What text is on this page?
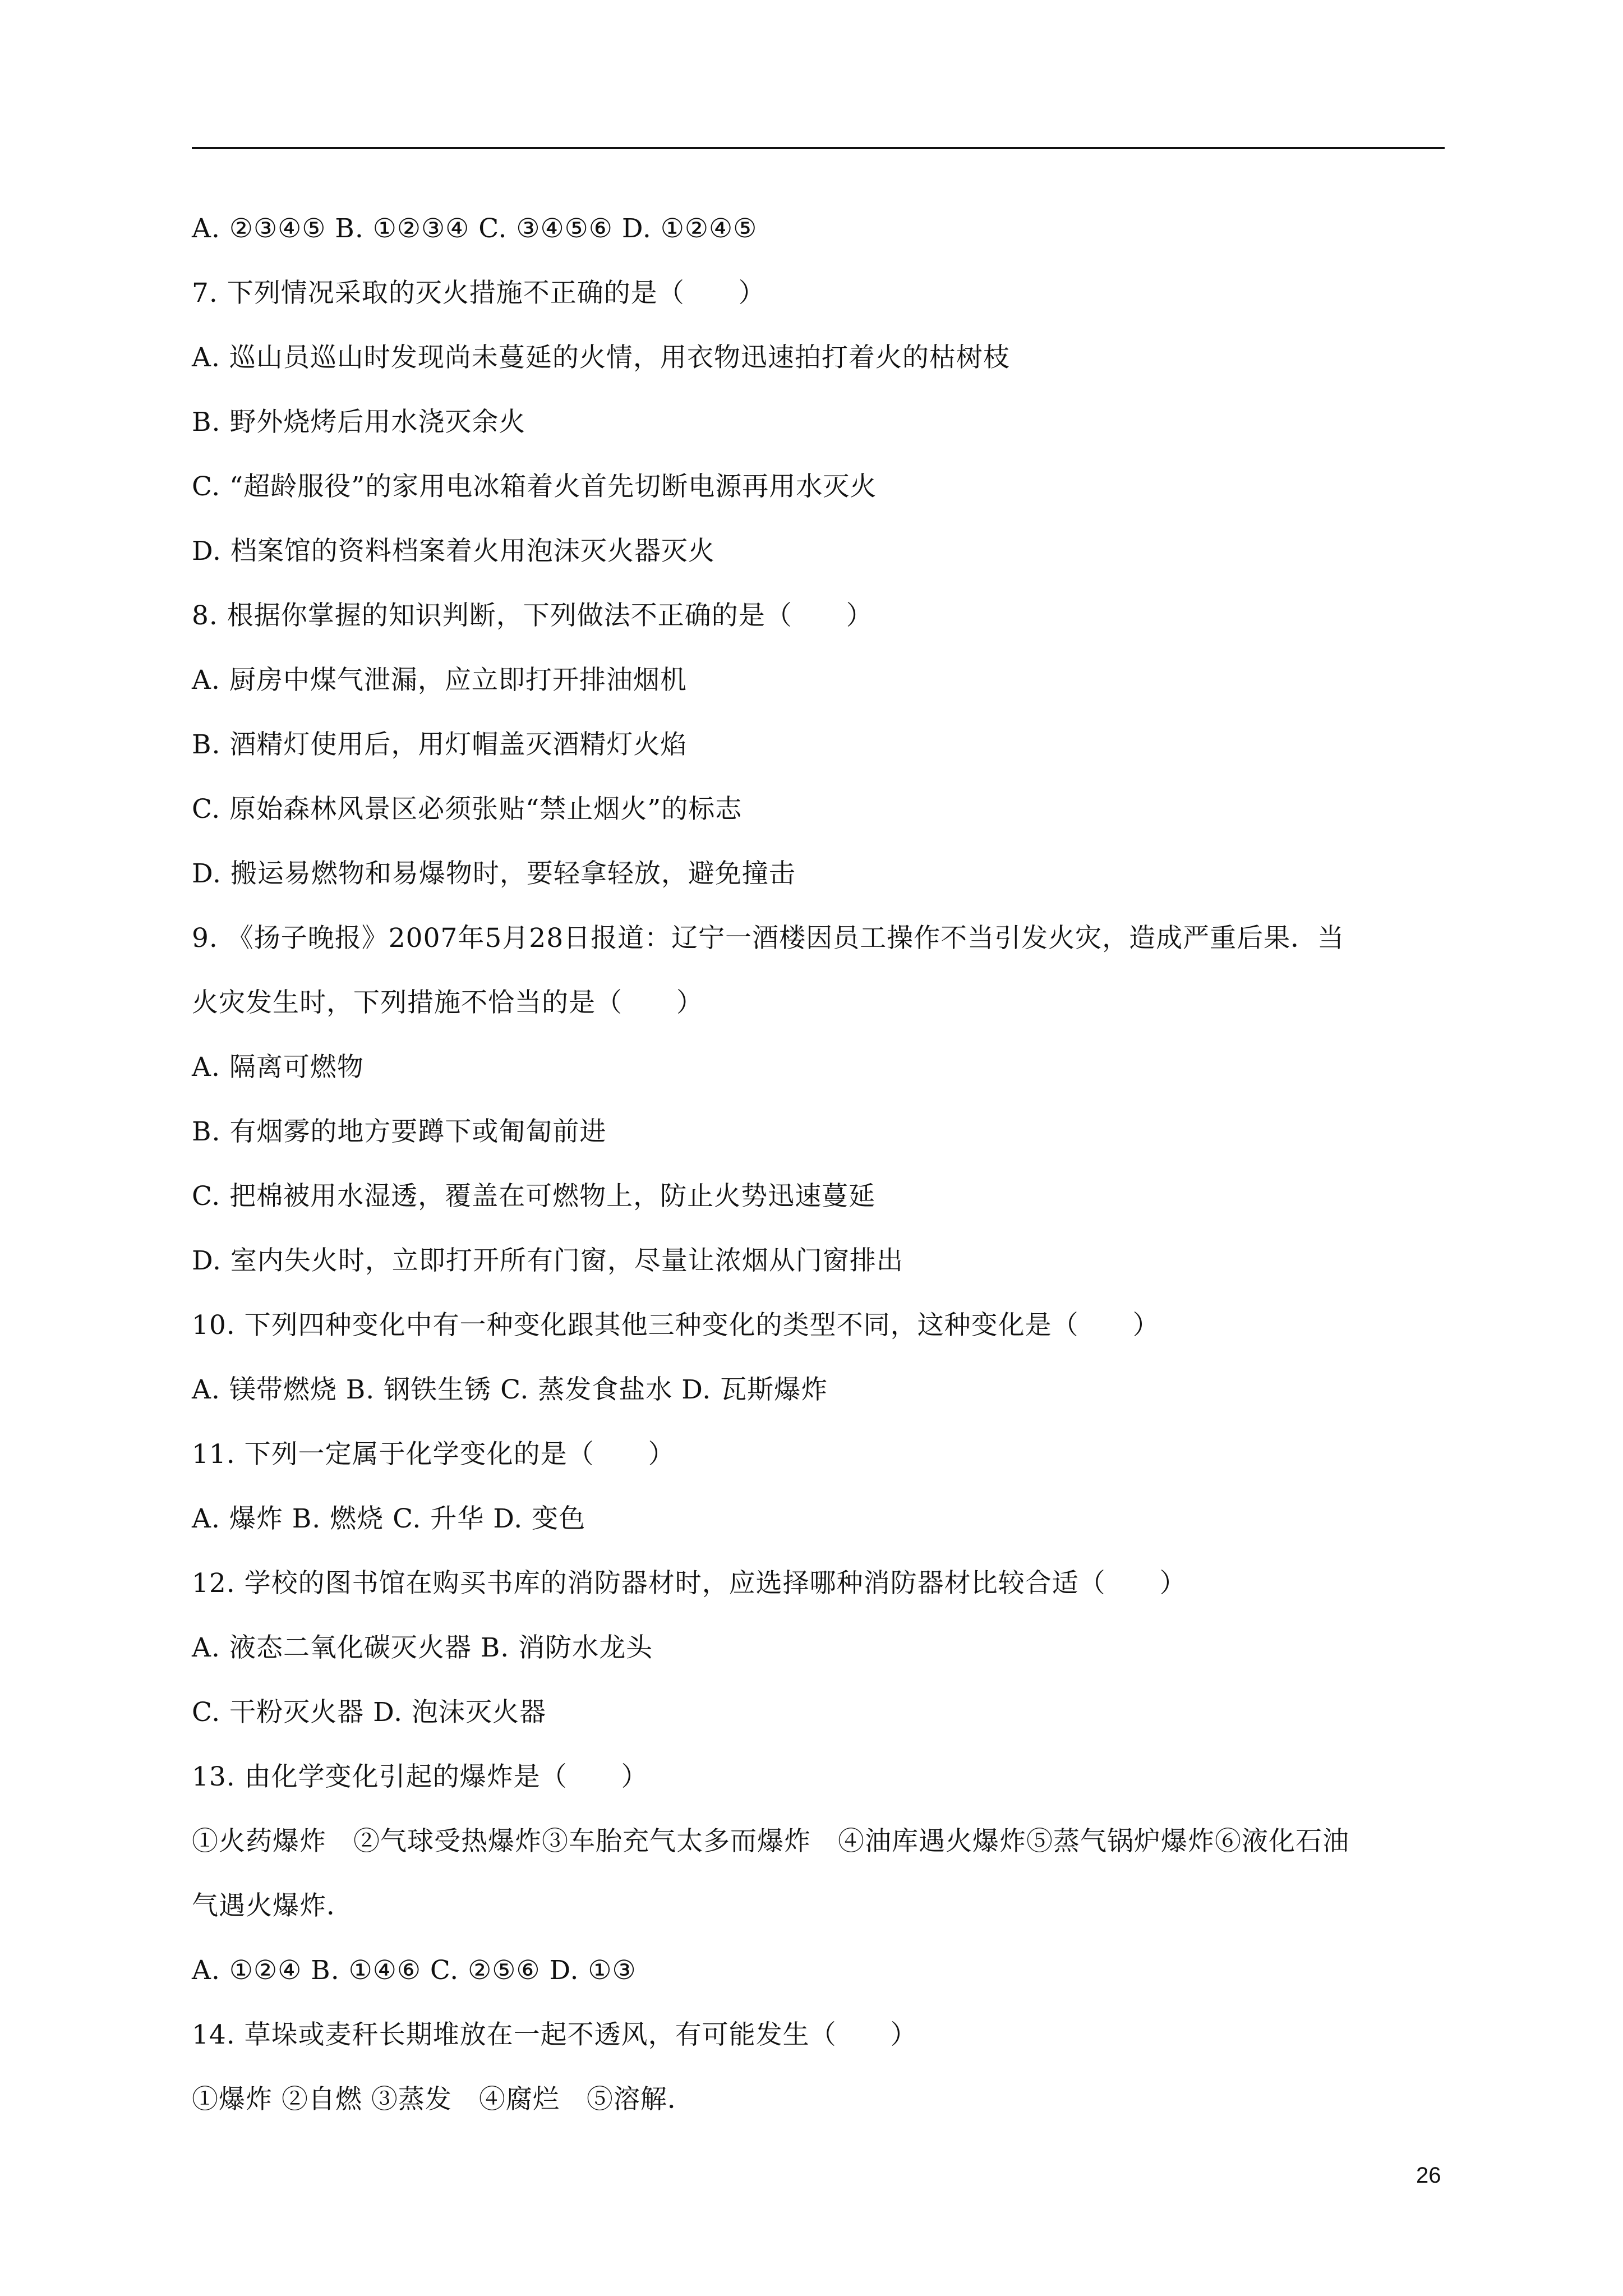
A. ②③④⑤ B. ①②③④ C. ③④⑤⑥ D. ①②④⑤
7. 下列情况采取的灭火措施不正确的是（　　）
A. 巡山员巡山时发现尚未蔓延的火情，用衣物迅速拍打着火的枯树枝
B. 野外烧烤后用水浇灭余火
C. “超龄服役”的家用电冰箱着火首先切断电源再用水灭火
D. 档案馆的资料档案着火用泡沫灭火器灭火
8. 根据你掌握的知识判断，下列做法不正确的是（　　）
A. 厨房中煤气泄漏，应立即打开排油烟机
B. 酒精灯使用后，用灯帽盖灭酒精灯火焰
C. 原始森林风景区必须张贴“禁止烟火”的标志
D. 搬运易燃物和易爆物时，要轻拿轻放，避免撞击
9. 《扬子晚报》2007年5月28日报道：辽宁一酒楼因员工操作不当引发火灾，造成严重后果．当
火灾发生时，下列措施不恰当的是（　　）
A. 隔离可燃物
B. 有烟雾的地方要蹲下或匍匐前进
C. 把棉被用水湿透，覆盖在可燃物上，防止火势迅速蔓延
D. 室内失火时，立即打开所有门窗，尽量让浓烟从门窗排出
10. 下列四种变化中有一种变化跟其他三种变化的类型不同，这种变化是（　　）
A. 镁带燃烧 B. 钢铁生锈 C. 蒸发食盐水 D. 瓦斯爆炸
11. 下列一定属于化学变化的是（　　）
A. 爆炸 B. 燃烧 C. 升华 D. 变色
12. 学校的图书馆在购买书库的消防器材时，应选择哪种消防器材比较合适（　　）
A. 液态二氧化碳灭火器 B. 消防水龙头
C. 干粉灭火器 D. 泡沫灭火器
13. 由化学变化引起的爆炸是（　　）
①火药爆炸　②气球受热爆炸③车胎充气太多而爆炸　④油库遇火爆炸⑤蒸气锅炉爆炸⑥液化石油
气遇火爆炸．
A. ①②④ B. ①④⑥ C. ②⑤⑥ D. ①③
14. 草垛或麦秆长期堆放在一起不透风，有可能发生（　　）
①爆炸 ②自燃 ③蒸发　④腐烂　⑤溶解．
26
